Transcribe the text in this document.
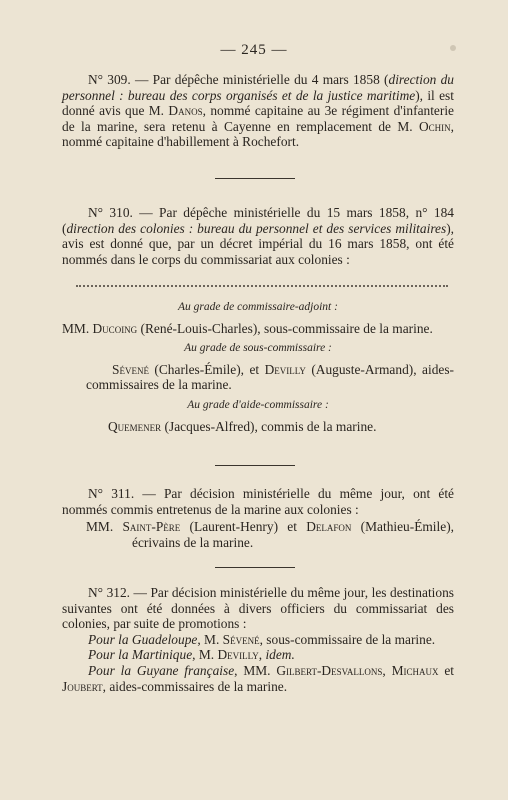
— 245 —

N° 309. — Par dépêche ministérielle du 4 mars 1858 (direction du personnel : bureau des corps organisés et de la justice maritime), il est donné avis que M. Danos, nommé capitaine au 3e régiment d'infanterie de la marine, sera retenu à Cayenne en remplacement de M. Ochin, nommé capitaine d'habillement à Rochefort.

N° 310. — Par dépêche ministérielle du 15 mars 1858, n° 184 (direction des colonies : bureau du personnel et des services militaires), avis est donné que, par un décret impérial du 16 mars 1858, ont été nommés dans le corps du commissariat aux colonies :

Au grade de commissaire-adjoint :

MM. Ducoing (René-Louis-Charles), sous-commissaire de la marine.

Au grade de sous-commissaire :

Sévené (Charles-Émile), et Devilly (Auguste-Armand), aides-commissaires de la marine.

Au grade d'aide-commissaire :

Quemener (Jacques-Alfred), commis de la marine.

N° 311. — Par décision ministérielle du même jour, ont été nommés commis entretenus de la marine aux colonies :

MM. Saint-Père (Laurent-Henry) et Delafon (Mathieu-Émile), écrivains de la marine.

N° 312. — Par décision ministérielle du même jour, les destinations suivantes ont été données à divers officiers du commissariat des colonies, par suite de promotions :

Pour la Guadeloupe, M. Sévené, sous-commissaire de la marine.

Pour la Martinique, M. Devilly, idem.

Pour la Guyane française, MM. Gilbert-Desvallons, Michaux et Joubert, aides-commissaires de la marine.
